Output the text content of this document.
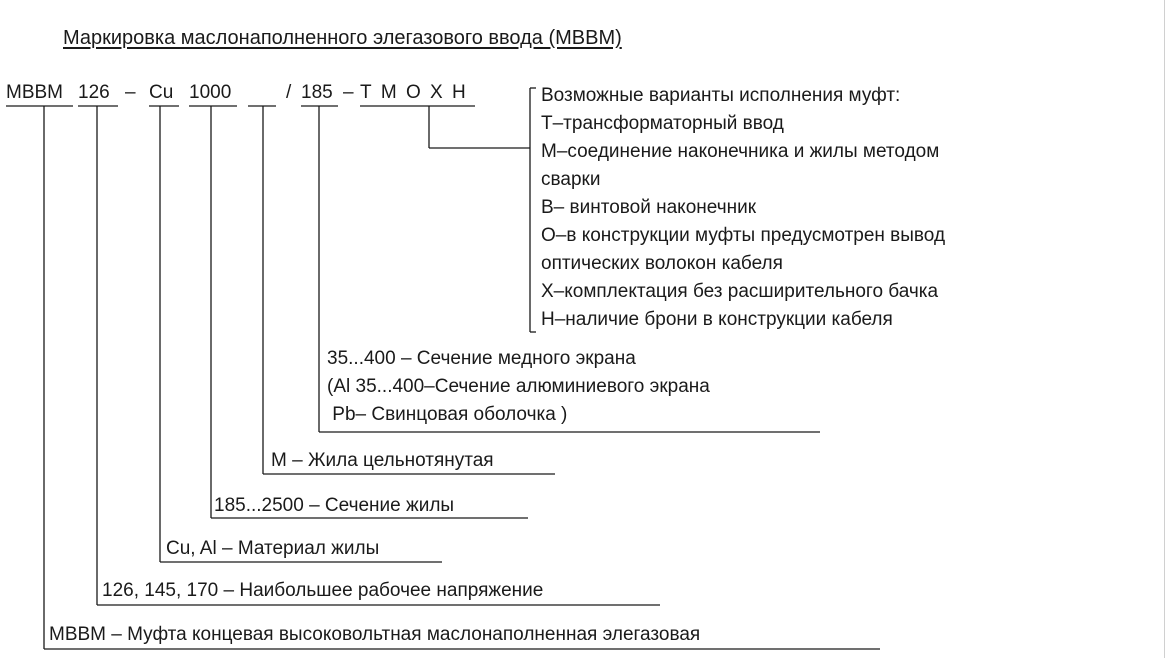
Маркировка маслонаполненного элегазового ввода (МВВМ)
МВВМ 126 – Cu 1000	/ 185 – Т М О Х Н	Возможные варианты исполнения муфт:
Т–трансформаторный ввод
М–соединение наконечника и жилы методом
сварки
В– винтовой наконечник
О–в конструкции муфты предусмотрен вывод
оптических волокон кабеля
Х–комплектация без расширительного бачка
Н–наличие брони в конструкции кабеля
35...400 – Сечение медного экрана
(Al 35...400–Сечение алюминиевого экрана
Pb– Свинцовая оболочка )
М – Жила цельнотянутая
185...2500 – Сечение жилы
Cu, Al – Материал жилы
126, 145, 170 – Наибольшее рабочее напряжение
МВВМ – Муфта концевая высоковольтная маслонаполненная элегазовая
